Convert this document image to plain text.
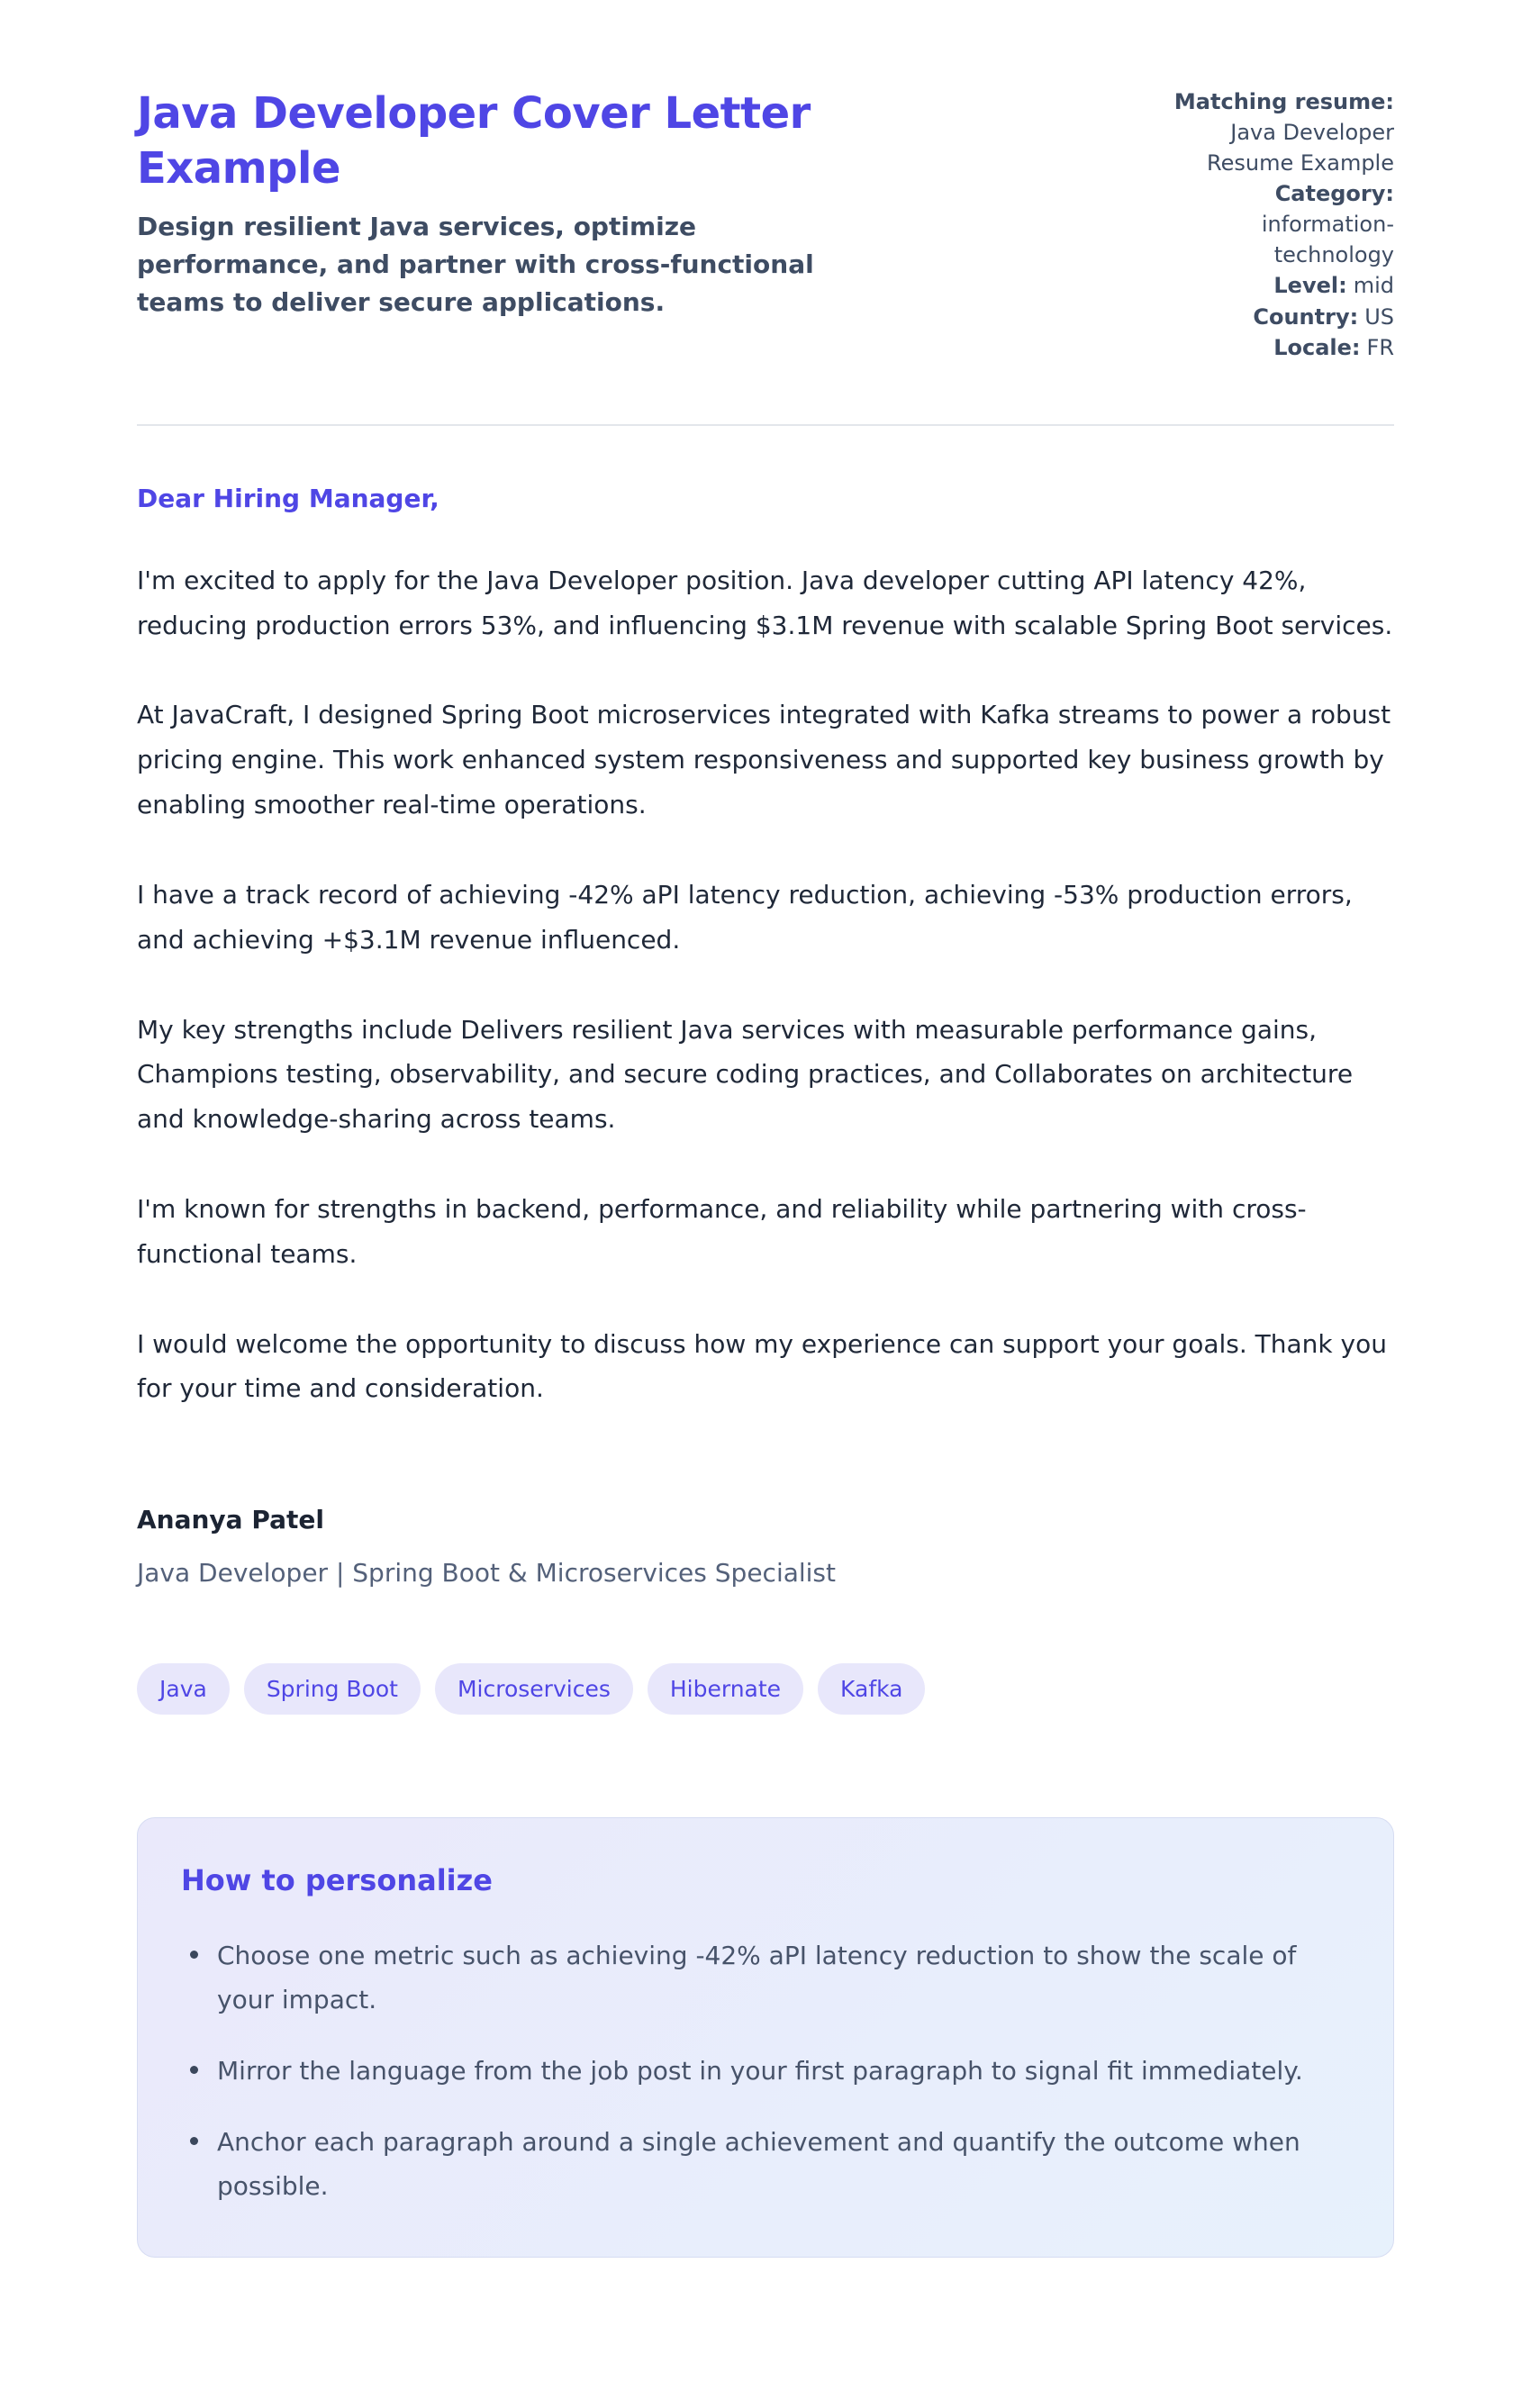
Java Developer Cover Letter Example

Design resilient Java services, optimize performance, and partner with cross-functional teams to deliver secure applications.

Matching resume:
Java Developer Resume Example
Category:
information-technology
Level: mid
Country: US
Locale: FR

Dear Hiring Manager,

I'm excited to apply for the Java Developer position. Java developer cutting API latency 42%, reducing production errors 53%, and influencing $3.1M revenue with scalable Spring Boot services.

At JavaCraft, I designed Spring Boot microservices integrated with Kafka streams to power a robust pricing engine. This work enhanced system responsiveness and supported key business growth by enabling smoother real-time operations.

I have a track record of achieving -42% aPI latency reduction, achieving -53% production errors, and achieving +$3.1M revenue influenced.

My key strengths include Delivers resilient Java services with measurable performance gains, Champions testing, observability, and secure coding practices, and Collaborates on architecture and knowledge-sharing across teams.

I'm known for strengths in backend, performance, and reliability while partnering with cross-functional teams.

I would welcome the opportunity to discuss how my experience can support your goals. Thank you for your time and consideration.

Ananya Patel

Java Developer | Spring Boot & Microservices Specialist

Java	Spring Boot	Microservices	Hibernate	Kafka
How to personalize
Choose one metric such as achieving -42% aPI latency reduction to show the scale of your impact.
Mirror the language from the job post in your first paragraph to signal fit immediately.
Anchor each paragraph around a single achievement and quantify the outcome when possible.
